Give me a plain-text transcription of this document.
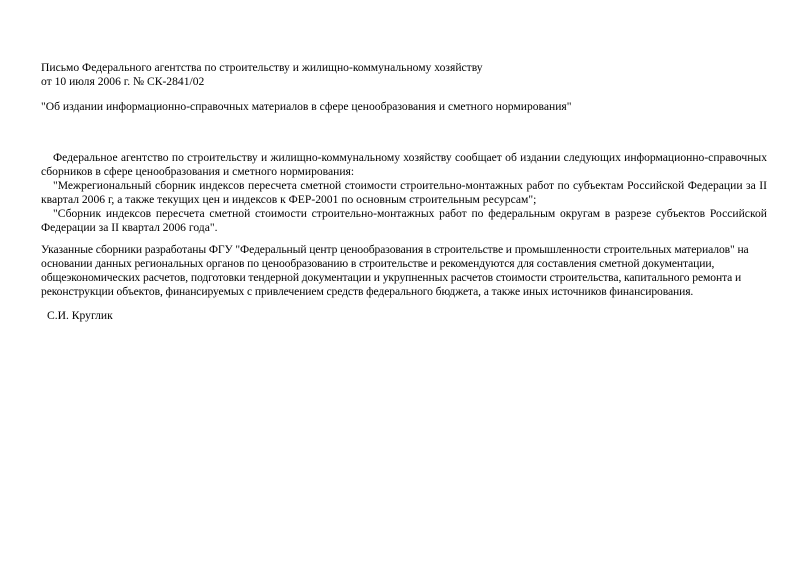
Письмо Федерального агентства по строительству и жилищно-коммунальному хозяйству
от 10 июля 2006 г. № СК-2841/02
"Об издании информационно-справочных материалов в сфере ценообразования и сметного нормирования"
Федеральное агентство по строительству и жилищно-коммунальному хозяйству сообщает об издании следующих информационно-справочных сборников в сфере ценообразования и сметного нормирования:
"Межрегиональный сборник индексов пересчета сметной стоимости строительно-монтажных работ по субъектам Российской Федерации за II квартал 2006 г, а также текущих цен и индексов к ФЕР-2001 по основным строительным ресурсам";
"Сборник индексов пересчета сметной стоимости строительно-монтажных работ по федеральным округам в разрезе субъектов Российской Федерации за II квартал 2006 года".
Указанные сборники разработаны ФГУ "Федеральный центр ценообразования в строительстве и промышленности строительных материалов" на
основании данных региональных органов по ценообразованию в строительстве и рекомендуются для составления сметной документации,
общеэкономических расчетов, подготовки тендерной документации и укрупненных расчетов стоимости строительства, капитального ремонта и
реконструкции объектов, финансируемых с привлечением средств федерального бюджета, а также иных источников финансирования.
С.И. Круглик
